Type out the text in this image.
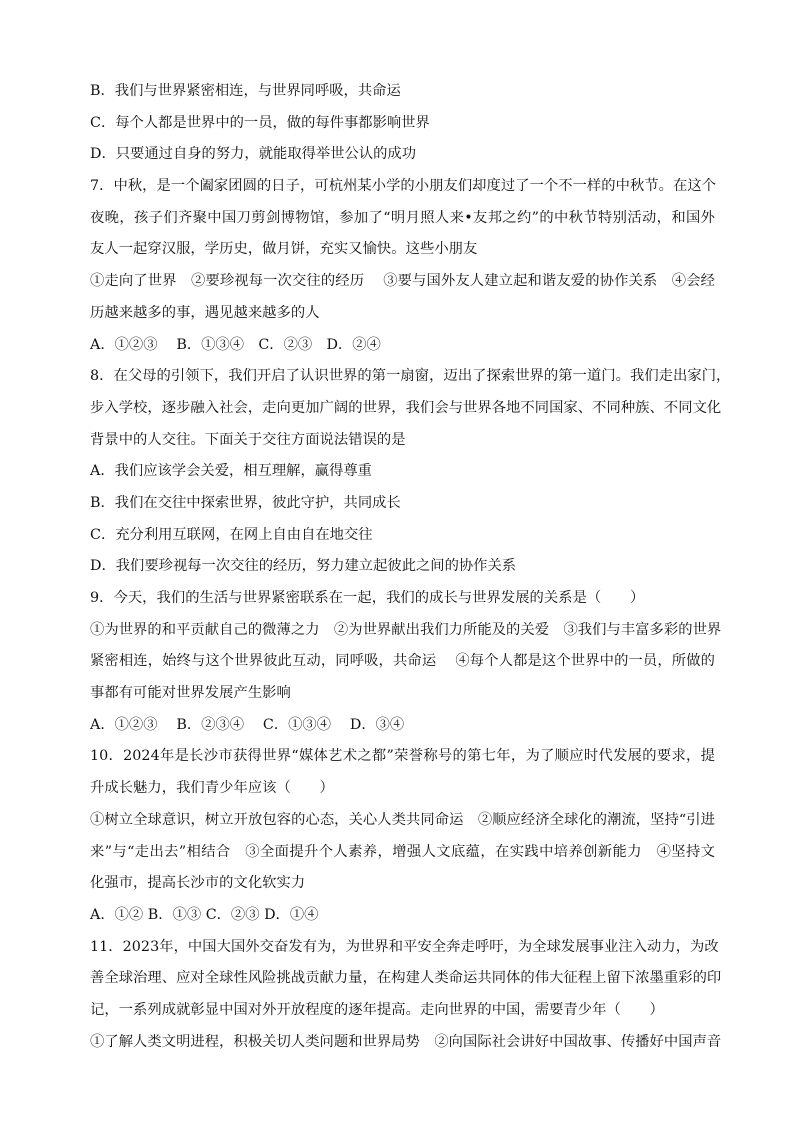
B．我们与世界紧密相连，与世界同呼吸，共命运
C．每个人都是世界中的一员，做的每件事都影响世界
D．只要通过自身的努力，就能取得举世公认的成功
7．中秋，是一个阖家团圆的日子，可杭州某小学的小朋友们却度过了一个不一样的中秋节。在这个
夜晚，孩子们齐聚中国刀剪剑博物馆，参加了“明月照人来•友邦之约”的中秋节特别活动，和国外
友人一起穿汉服，学历史，做月饼，充实又愉快。这些小朋友
①走向了世界　②要珍视每一次交往的经历　 ③要与国外友人建立起和谐友爱的协作关系　④会经
历越来越多的事，遇见越来越多的人
A．①②③　 B．①③④　C．②③　D．②④
8．在父母的引领下，我们开启了认识世界的第一扇窗，迈出了探索世界的第一道门。我们走出家门，
步入学校，逐步融入社会，走向更加广阔的世界，我们会与世界各地不同国家、不同种族、不同文化
背景中的人交往。下面关于交往方面说法错误的是
A．我们应该学会关爱，相互理解，赢得尊重
B．我们在交往中探索世界，彼此守护，共同成长
C．充分利用互联网，在网上自由自在地交往
D．我们要珍视每一次交往的经历，努力建立起彼此之间的协作关系
9．今天，我们的生活与世界紧密联系在一起，我们的成长与世界发展的关系是（　　）
①为世界的和平贡献自己的微薄之力　②为世界献出我们力所能及的关爱　③我们与丰富多彩的世界
紧密相连，始终与这个世界彼此互动，同呼吸，共命运　 ④每个人都是这个世界中的一员，所做的
事都有可能对世界发展产生影响
A．①②③　 B．②③④　 C．①③④　 D．③④
10．2024年是长沙市获得世界“媒体艺术之都”荣誉称号的第七年，为了顺应时代发展的要求，提
升成长魅力，我们青少年应该（　　）
①树立全球意识，树立开放包容的心态，关心人类共同命运　②顺应经济全球化的潮流，坚持“引进
来”与“走出去”相结合　③全面提升个人素养，增强人文底蕴，在实践中培养创新能力　④坚持文
化强市，提高长沙市的文化软实力
A．①② B．①③ C．②③ D．①④
11．2023年，中国大国外交奋发有为，为世界和平安全奔走呼吁，为全球发展事业注入动力，为改
善全球治理、应对全球性风险挑战贡献力量，在构建人类命运共同体的伟大征程上留下浓墨重彩的印
记，一系列成就彰显中国对外开放程度的逐年提高。走向世界的中国，需要青少年（　　）
①了解人类文明进程，积极关切人类问题和世界局势　②向国际社会讲好中国故事、传播好中国声音
